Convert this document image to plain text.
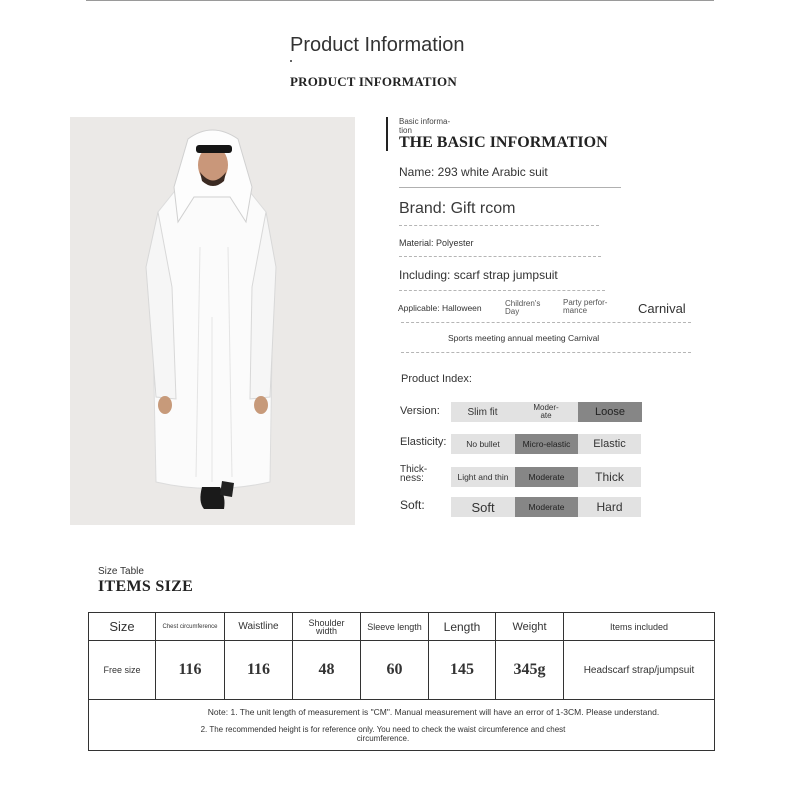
Product Information
PRODUCT INFORMATION
Basic informa-
tion
THE BASIC INFORMATION
Name: 293 white Arabic suit
Brand: Gift rcom
Material: Polyester
Including: scarf strap jumpsuit
Applicable: Halloween	Children's
Day
Party perfor-
mance	Carnival
Sports meeting annual meeting Carnival
Product Index:
Version:	Slim fit	Moder-
ate	Loose
Elasticity:	No bullet	Micro-elastic	Elastic
Thick-
ness:	Light and thin	Moderate	Thick
Soft:	Soft	Moderate	Hard
Size Table
ITEMS SIZE
Size	Chest circumference	Waistline	Shoulder
width	Sleeve length	Length	Weight	Items included
Free size	116	116	48	60	145	345g	Headscarf strap/jumpsuit

Note: 1. The unit length of measurement is "CM". Manual measurement will have an error of 1-3CM. Please understand.
2. The recommended height is for reference only. You need to check the waist circumference and chest circumference.							
